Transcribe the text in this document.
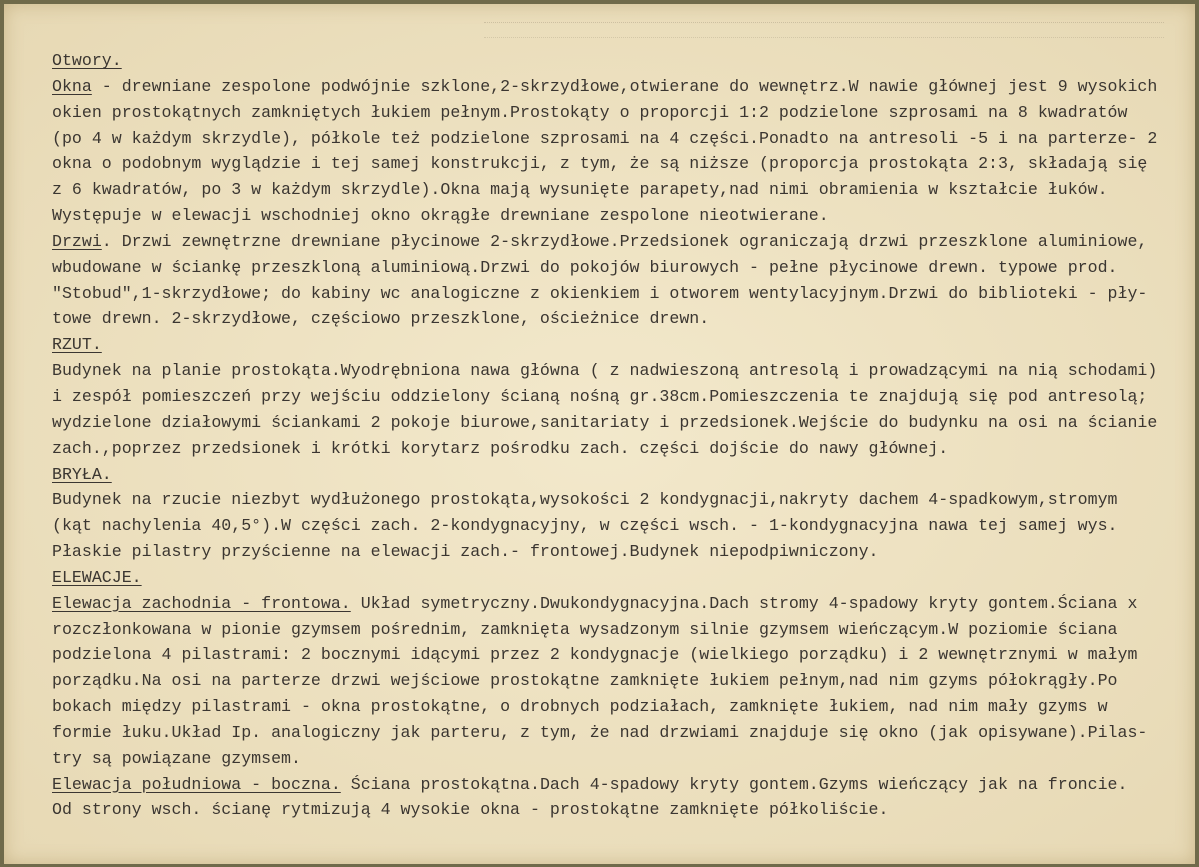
Otwory.
Okna - drewniane zespolone podwójnie szklone,2-skrzydłowe,otwierane do wewnętrz.W nawie głównej jest 9 wysokich
okien prostokątnych zamkniętych łukiem pełnym.Prostokąty o proporcji 1:2 podzielone szprosami na 8 kwadratów
(po 4 w każdym skrzydle), półkole też podzielone szprosami na 4 części.Ponadto na antresoli -5 i na parterze- 2
okna o podobnym wyglądzie i tej samej konstrukcji, z tym, że są niższe (proporcja prostokąta 2:3, składają się
z 6 kwadratów, po 3 w każdym skrzydle).Okna mają wysunięte parapety,nad nimi obramienia w kształcie łuków.
Występuje w elewacji wschodniej okno okrągłe drewniane zespolone nieotwierane.
Drzwi. Drzwi zewnętrzne drewniane płycinowe 2-skrzydłowe.Przedsionek ograniczają drzwi przeszklone aluminiowe,
wbudowane w ściankę przeszkloną aluminiową.Drzwi do pokojów biurowych - pełne płycinowe drewn. typowe prod.
"Stobud",1-skrzydłowe; do kabiny wc analogiczne z okienkiem i otworem wentylacyjnym.Drzwi do biblioteki - pły-
towe drewn. 2-skrzydłowe, częściowo przeszklone, ościeżnice drewn.
RZUT.
Budynek na planie prostokąta.Wyodrębniona nawa główna ( z nadwieszoną antresolą i prowadzącymi na nią schodami)
i zespół pomieszczeń przy wejściu oddzielony ścianą nośną gr.38cm.Pomieszczenia te znajdują się pod antresolą;
wydzielone działowymi ściankami 2 pokoje biurowe,sanitariaty i przedsionek.Wejście do budynku na osi na ścianie
zach.,poprzez przedsionek i krótki korytarz pośrodku zach. części dojście do nawy głównej.
BRYŁA.
Budynek na rzucie niezbyt wydłużonego prostokąta,wysokości 2 kondygnacji,nakryty dachem 4-spadkowym,stromym
(kąt nachylenia 40,5°).W części zach. 2-kondygnacyjny, w części wsch. - 1-kondygnacyjna nawa tej samej wys.
Płaskie pilastry przyścienne na elewacji zach.- frontowej.Budynek niepodpiwniczony.
ELEWACJE.
Elewacja zachodnia - frontowa. Układ symetryczny.Dwukondygnacyjna.Dach stromy 4-spadowy kryty gontem.Ściana x
rozczłonkowana w pionie gzymsem pośrednim, zamknięta wysadzonym silnie gzymsem wieńczącym.W poziomie ściana
podzielona 4 pilastrami: 2 bocznymi idącymi przez 2 kondygnacje (wielkiego porządku) i 2 wewnętrznymi w małym
porządku.Na osi na parterze drzwi wejściowe prostokątne zamknięte łukiem pełnym,nad nim gzyms półokrągły.Po
bokach między pilastrami - okna prostokątne, o drobnych podziałach, zamknięte łukiem, nad nim mały gzyms w
formie łuku.Układ Ip. analogiczny jak parteru, z tym, że nad drzwiami znajduje się okno (jak opisywane).Pilas-
try są powiązane gzymsem.
Elewacja południowa - boczna. Ściana prostokątna.Dach 4-spadowy kryty gontem.Gzyms wieńczący jak na froncie.
Od strony wsch. ścianę rytmizują 4 wysokie okna - prostokątne zamknięte półkoliście.
